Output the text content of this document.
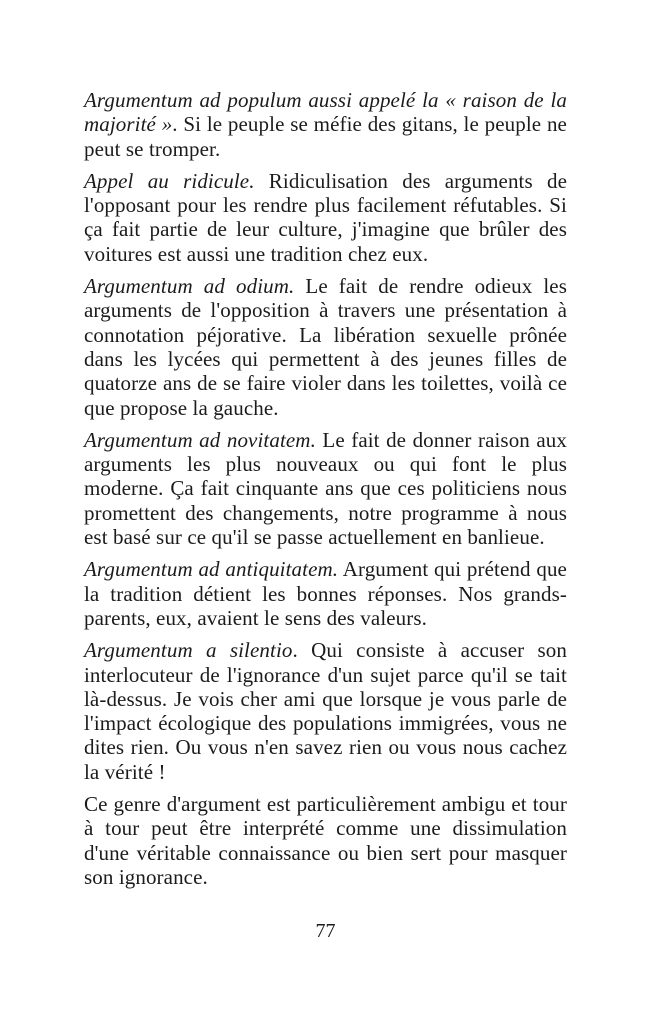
Argumentum ad populum aussi appelé la « raison de la majorité ». Si le peuple se méfie des gitans, le peuple ne peut se tromper.

Appel au ridicule. Ridiculisation des arguments de l'opposant pour les rendre plus facilement réfutables. Si ça fait partie de leur culture, j'imagine que brûler des voitures est aussi une tradition chez eux.

Argumentum ad odium. Le fait de rendre odieux les arguments de l'opposition à travers une présentation à connotation péjorative. La libération sexuelle prônée dans les lycées qui permettent à des jeunes filles de quatorze ans de se faire violer dans les toilettes, voilà ce que propose la gauche.

Argumentum ad novitatem. Le fait de donner raison aux arguments les plus nouveaux ou qui font le plus moderne. Ça fait cinquante ans que ces politiciens nous promettent des changements, notre programme à nous est basé sur ce qu'il se passe actuellement en banlieue.

Argumentum ad antiquitatem. Argument qui prétend que la tradition détient les bonnes réponses. Nos grands-parents, eux, avaient le sens des valeurs.

Argumentum a silentio. Qui consiste à accuser son interlocuteur de l'ignorance d'un sujet parce qu'il se tait là-dessus. Je vois cher ami que lorsque je vous parle de l'impact écologique des populations immigrées, vous ne dites rien. Ou vous n'en savez rien ou vous nous cachez la vérité !

Ce genre d'argument est particulièrement ambigu et tour à tour peut être interprété comme une dissimulation d'une véritable connaissance ou bien sert pour masquer son ignorance.

77
